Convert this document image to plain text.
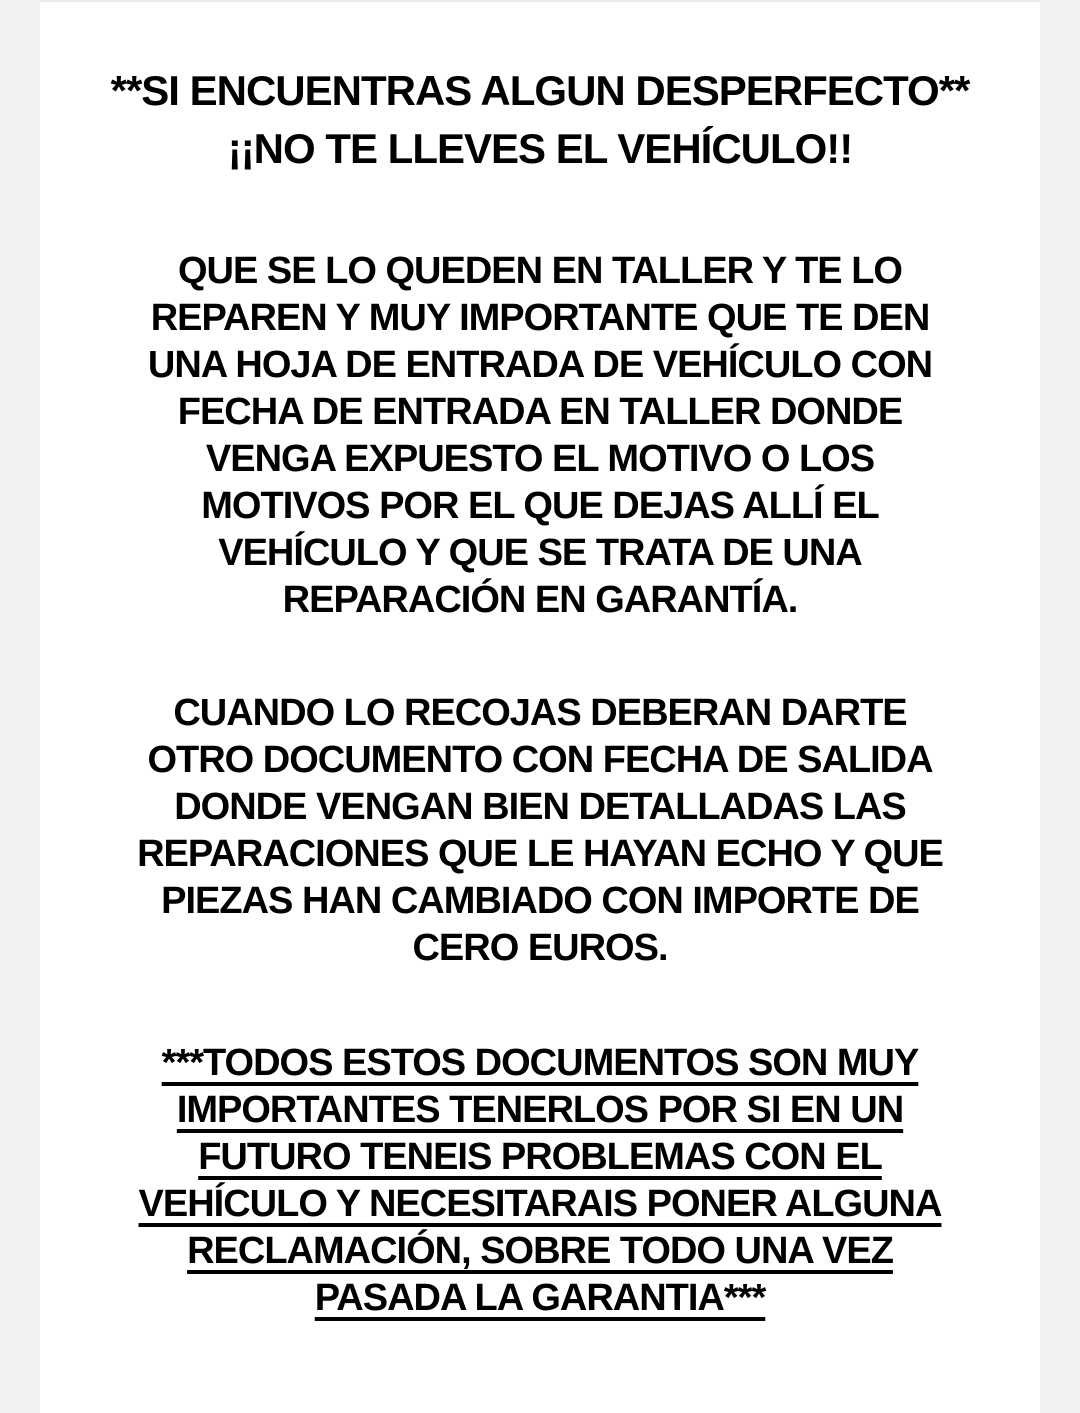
**SI ENCUENTRAS ALGUN DESPERFECTO**
¡¡NO TE LLEVES EL VEHÍCULO!!
QUE SE LO QUEDEN EN TALLER Y TE LO
REPAREN Y MUY IMPORTANTE QUE TE DEN
UNA HOJA DE ENTRADA DE VEHÍCULO CON
FECHA DE ENTRADA EN TALLER DONDE
VENGA EXPUESTO EL MOTIVO O LOS
MOTIVOS POR EL QUE DEJAS ALLÍ EL
VEHÍCULO Y QUE SE TRATA DE UNA
REPARACIÓN EN GARANTÍA.
CUANDO LO RECOJAS DEBERAN DARTE
OTRO DOCUMENTO CON FECHA DE SALIDA
DONDE VENGAN BIEN DETALLADAS LAS
REPARACIONES QUE LE HAYAN ECHO Y QUE
PIEZAS HAN CAMBIADO CON IMPORTE DE
CERO EUROS.
***TODOS ESTOS DOCUMENTOS SON MUY
IMPORTANTES TENERLOS POR SI EN UN
FUTURO TENEIS PROBLEMAS CON EL
VEHÍCULO Y NECESITARAIS PONER ALGUNA
RECLAMACIÓN, SOBRE TODO UNA VEZ
PASADA LA GARANTIA***
